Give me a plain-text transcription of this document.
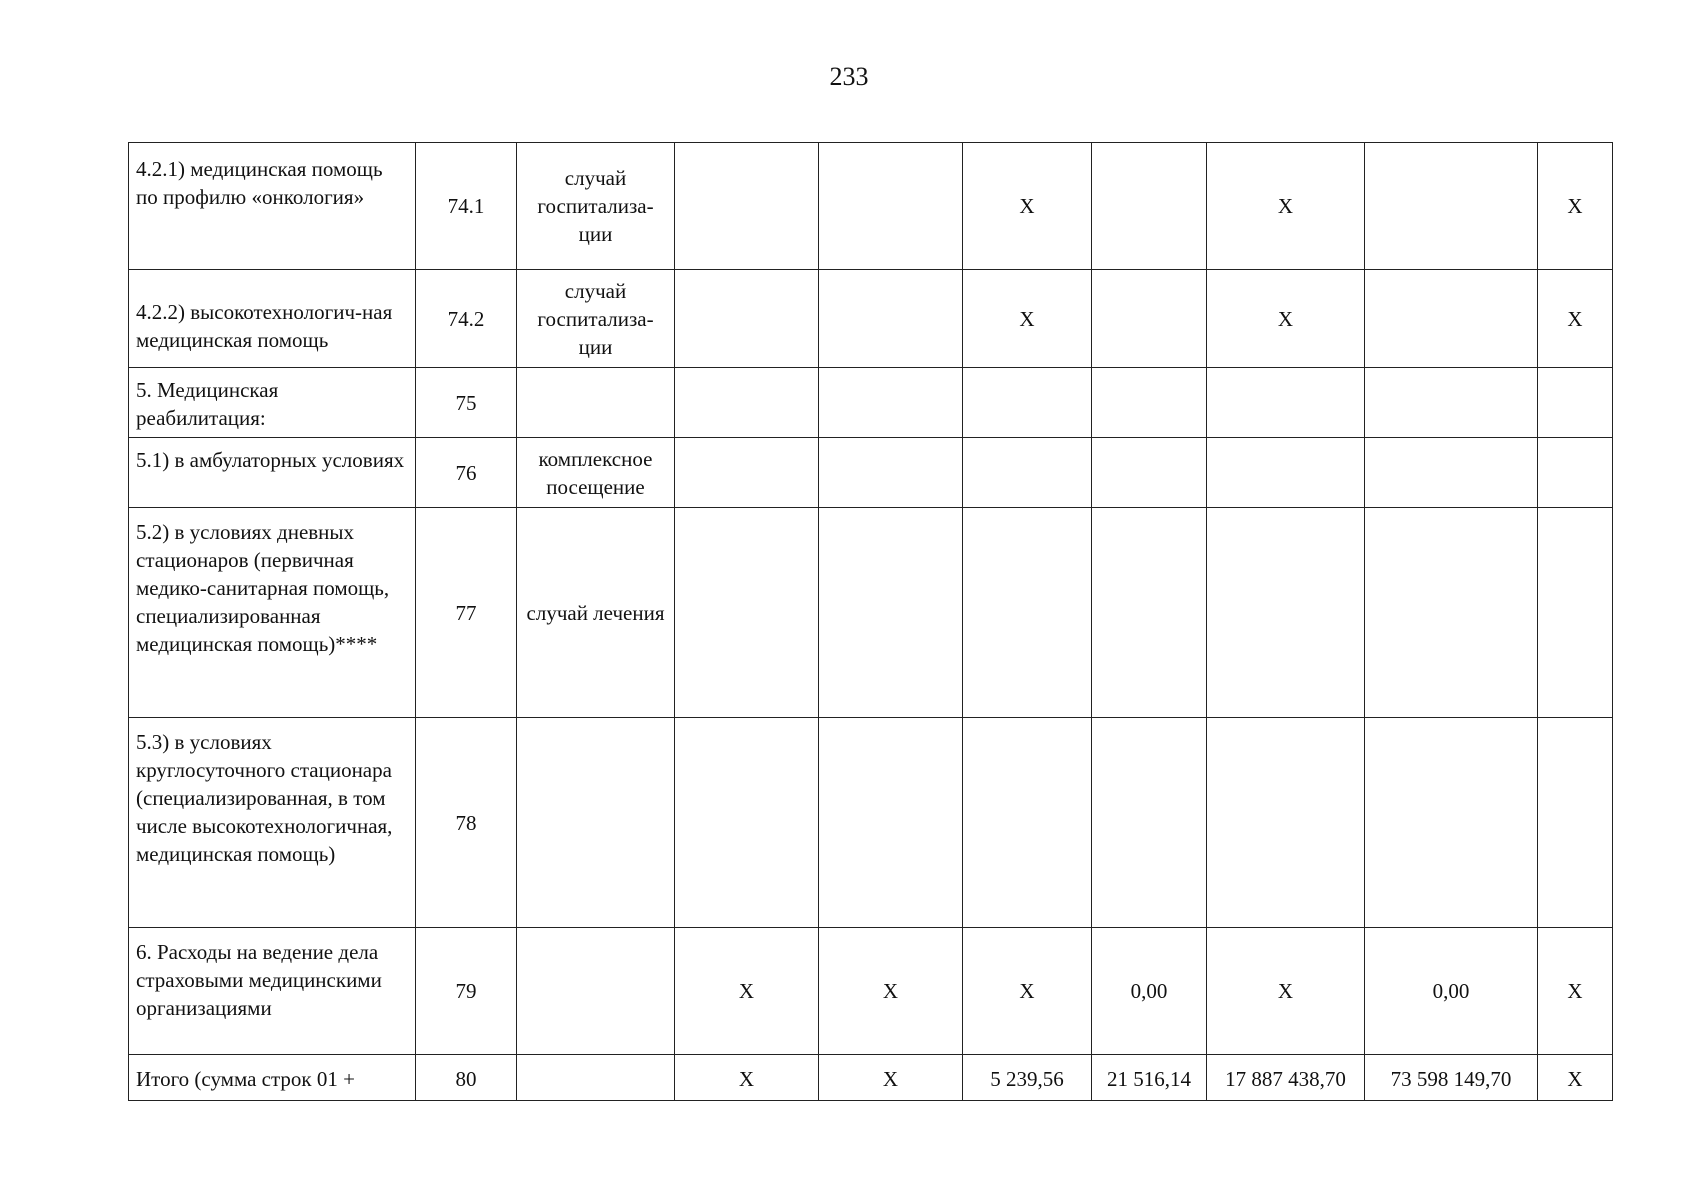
233
4.2.1) медицинская помощь по профилю «онкология»	74.1	случай госпитализа-ции			Х		Х		Х
4.2.2) высокотехнологич-ная медицинская помощь	74.2	случай госпитализа-ции			Х		Х		Х
5. Медицинская реабилитация:	75								
5.1) в амбулаторных условиях	76	комплексное посещение							
5.2) в условиях дневных стационаров (первичная медико-санитарная помощь, специализированная медицинская помощь)****	77	случай лечения							
5.3) в условиях круглосуточного стационара (специализированная, в том числе высокотехнологичная, медицинская помощь)	78								
6. Расходы на ведение дела страховыми медицинскими организациями	79		Х	Х	Х	0,00	Х	0,00	Х
Итого (сумма строк 01 +	80		Х	Х	5 239,56	21 516,14	17 887 438,70	73 598 149,70	Х
